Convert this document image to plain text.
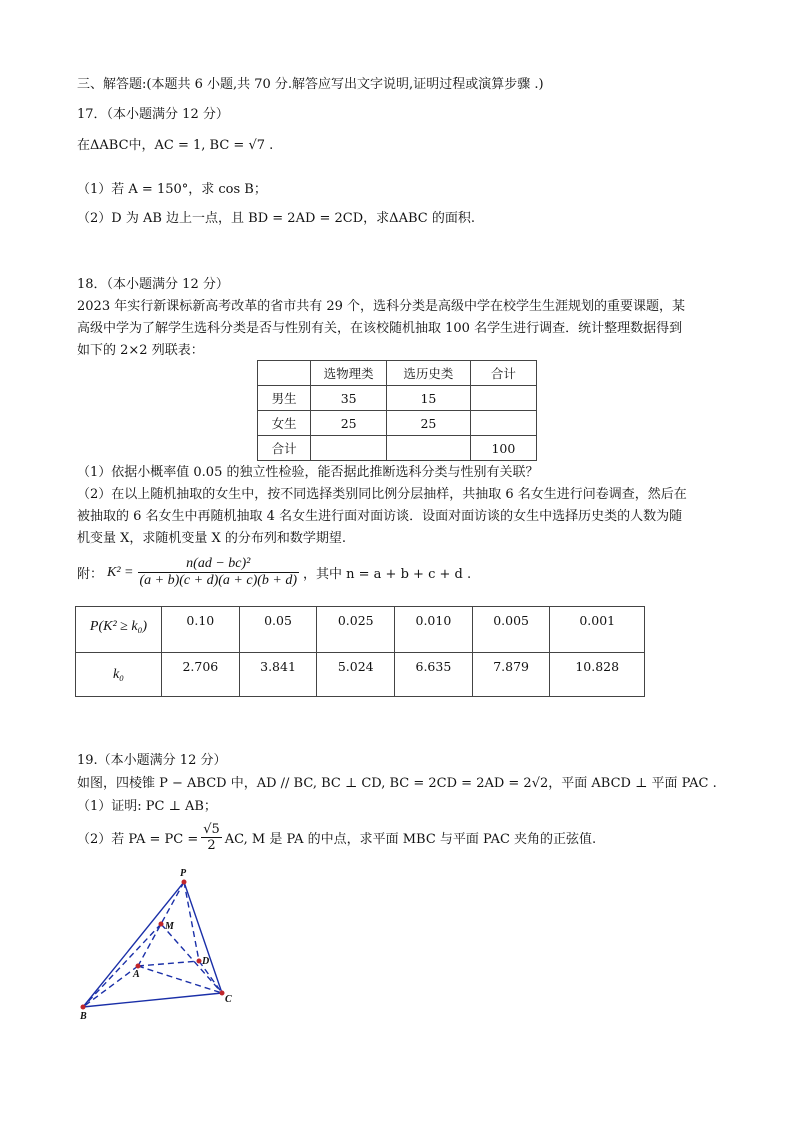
三、解答题:(本题共 6 小题,共 70 分.解答应写出文字说明,证明过程或演算步骤 .)
17．（本小题满分 12 分）
在ΔABC中，AC = 1, BC = √7 .
（1）若 A = 150°，求 cos B；
（2）D 为 AB 边上一点，且 BD = 2AD = 2CD，求ΔABC 的面积.
18．（本小题满分 12 分）
2023 年实行新课标新高考改革的省市共有 29 个，选科分类是高级中学在校学生生涯规划的重要课题，某
高级中学为了解学生选科分类是否与性别有关，在该校随机抽取 100 名学生进行调查．统计整理数据得到
如下的 2×2 列联表：
	选物理类	选历史类	合计
男生	35	15	
女生	25	25	
合计			100
（1）依据小概率值 0.05 的独立性检验，能否据此推断选科分类与性别有关联？
（2）在以上随机抽取的女生中，按不同选择类别同比例分层抽样，共抽取 6 名女生进行问卷调查，然后在
被抽取的 6 名女生中再随机抽取 4 名女生进行面对面访谈．设面对面访谈的女生中选择历史类的人数为随
机变量 X，求随机变量 X 的分布列和数学期望.
附： $K^2 = \frac{\text{n(ad − bc)²}}{(a + b)(c + d)(a + c)(b + d)}$ ，其中 n = a + b + c + d .
P(K² ≥ k₀)	0.10	0.05	0.025	0.010	0.005	0.001
k₀	2.706	3.841	5.024	6.635	7.879	10.828
19.（本小题满分 12 分）
如图，四棱锥 P − ABCD 中，AD // BC, BC ⊥ CD, BC = 2CD = 2AD = 2√2，平面 ABCD ⊥ 平面 PAC .
（1）证明: PC ⊥ AB；
（2）若 PA = PC = $\frac{√5}{2}$ AC, M 是 PA 的中点，求平面 MBC 与平面 PAC 夹角的正弦值.
P
M
A
D
B
C
